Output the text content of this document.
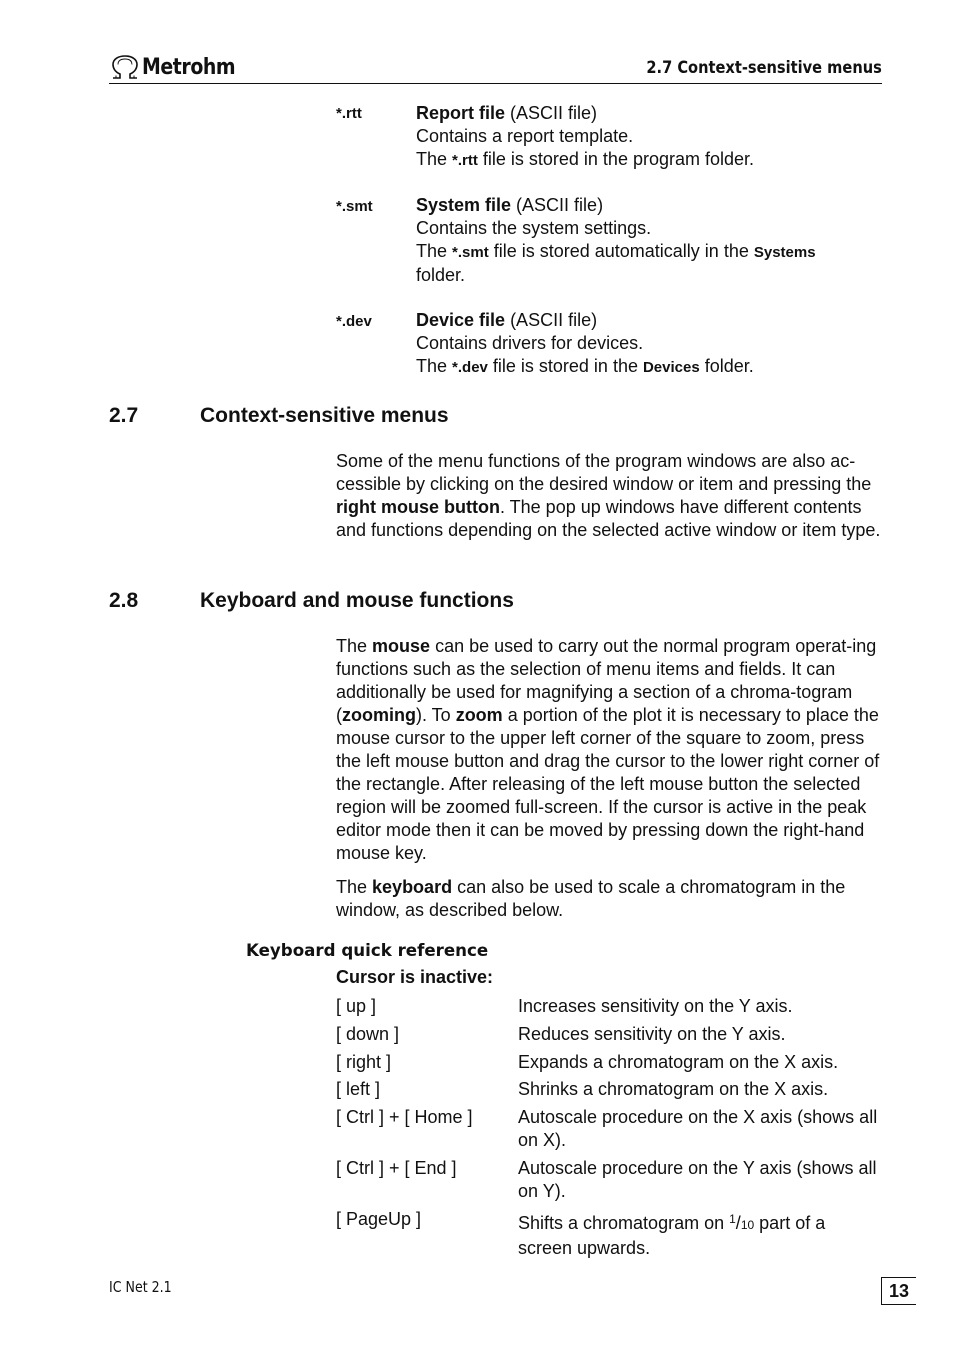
Metrohm	2.7 Context-sensitive menus
*.rtt	Report file (ASCII file)
Contains a report template.
The *.rtt file is stored in the program folder.
*.smt System file (ASCII file)
Contains the system settings.
The *.smt file is stored automatically in the Systems
folder.
*.dev Device file (ASCII file)
Contains drivers for devices.
The *.dev file is stored in the Devices folder.
2.7	Context-sensitive menus

Some of the menu functions of the program windows are also ac-cessible by clicking on the desired window or item and pressing the right mouse button. The pop up windows have different contents and functions depending on the selected active window or item type.

2.8	Keyboard and mouse functions

The mouse can be used to carry out the normal program operat-ing functions such as the selection of menu items and fields. It can additionally be used for magnifying a section of a chroma-togram (zooming). To zoom a portion of the plot it is necessary to place the mouse cursor to the upper left corner of the square to zoom, press the left mouse button and drag the cursor to the lower right corner of the rectangle. After releasing of the left mouse button the selected region will be zoomed full-screen. If the cursor is active in the peak editor mode then it can be moved by pressing down the right-hand mouse key.

The keyboard can also be used to scale a chromatogram in the window, as described below.

Keyboard quick reference
Cursor is inactive:
[ up ]	Increases sensitivity on the Y axis.
[ down ]	Reduces sensitivity on the Y axis.
[ right ]	Expands a chromatogram on the X axis.
[ left ]	Shrinks a chromatogram on the X axis.
[ Ctrl ] + [ Home ]	Autoscale procedure on the X axis (shows all on X).
[ Ctrl ] + [ End ]	Autoscale procedure on the Y axis (shows all on Y).
[ PageUp ]	Shifts a chromatogram on $^1$/10 part of a screen upwards.
IC Net 2.1	13
